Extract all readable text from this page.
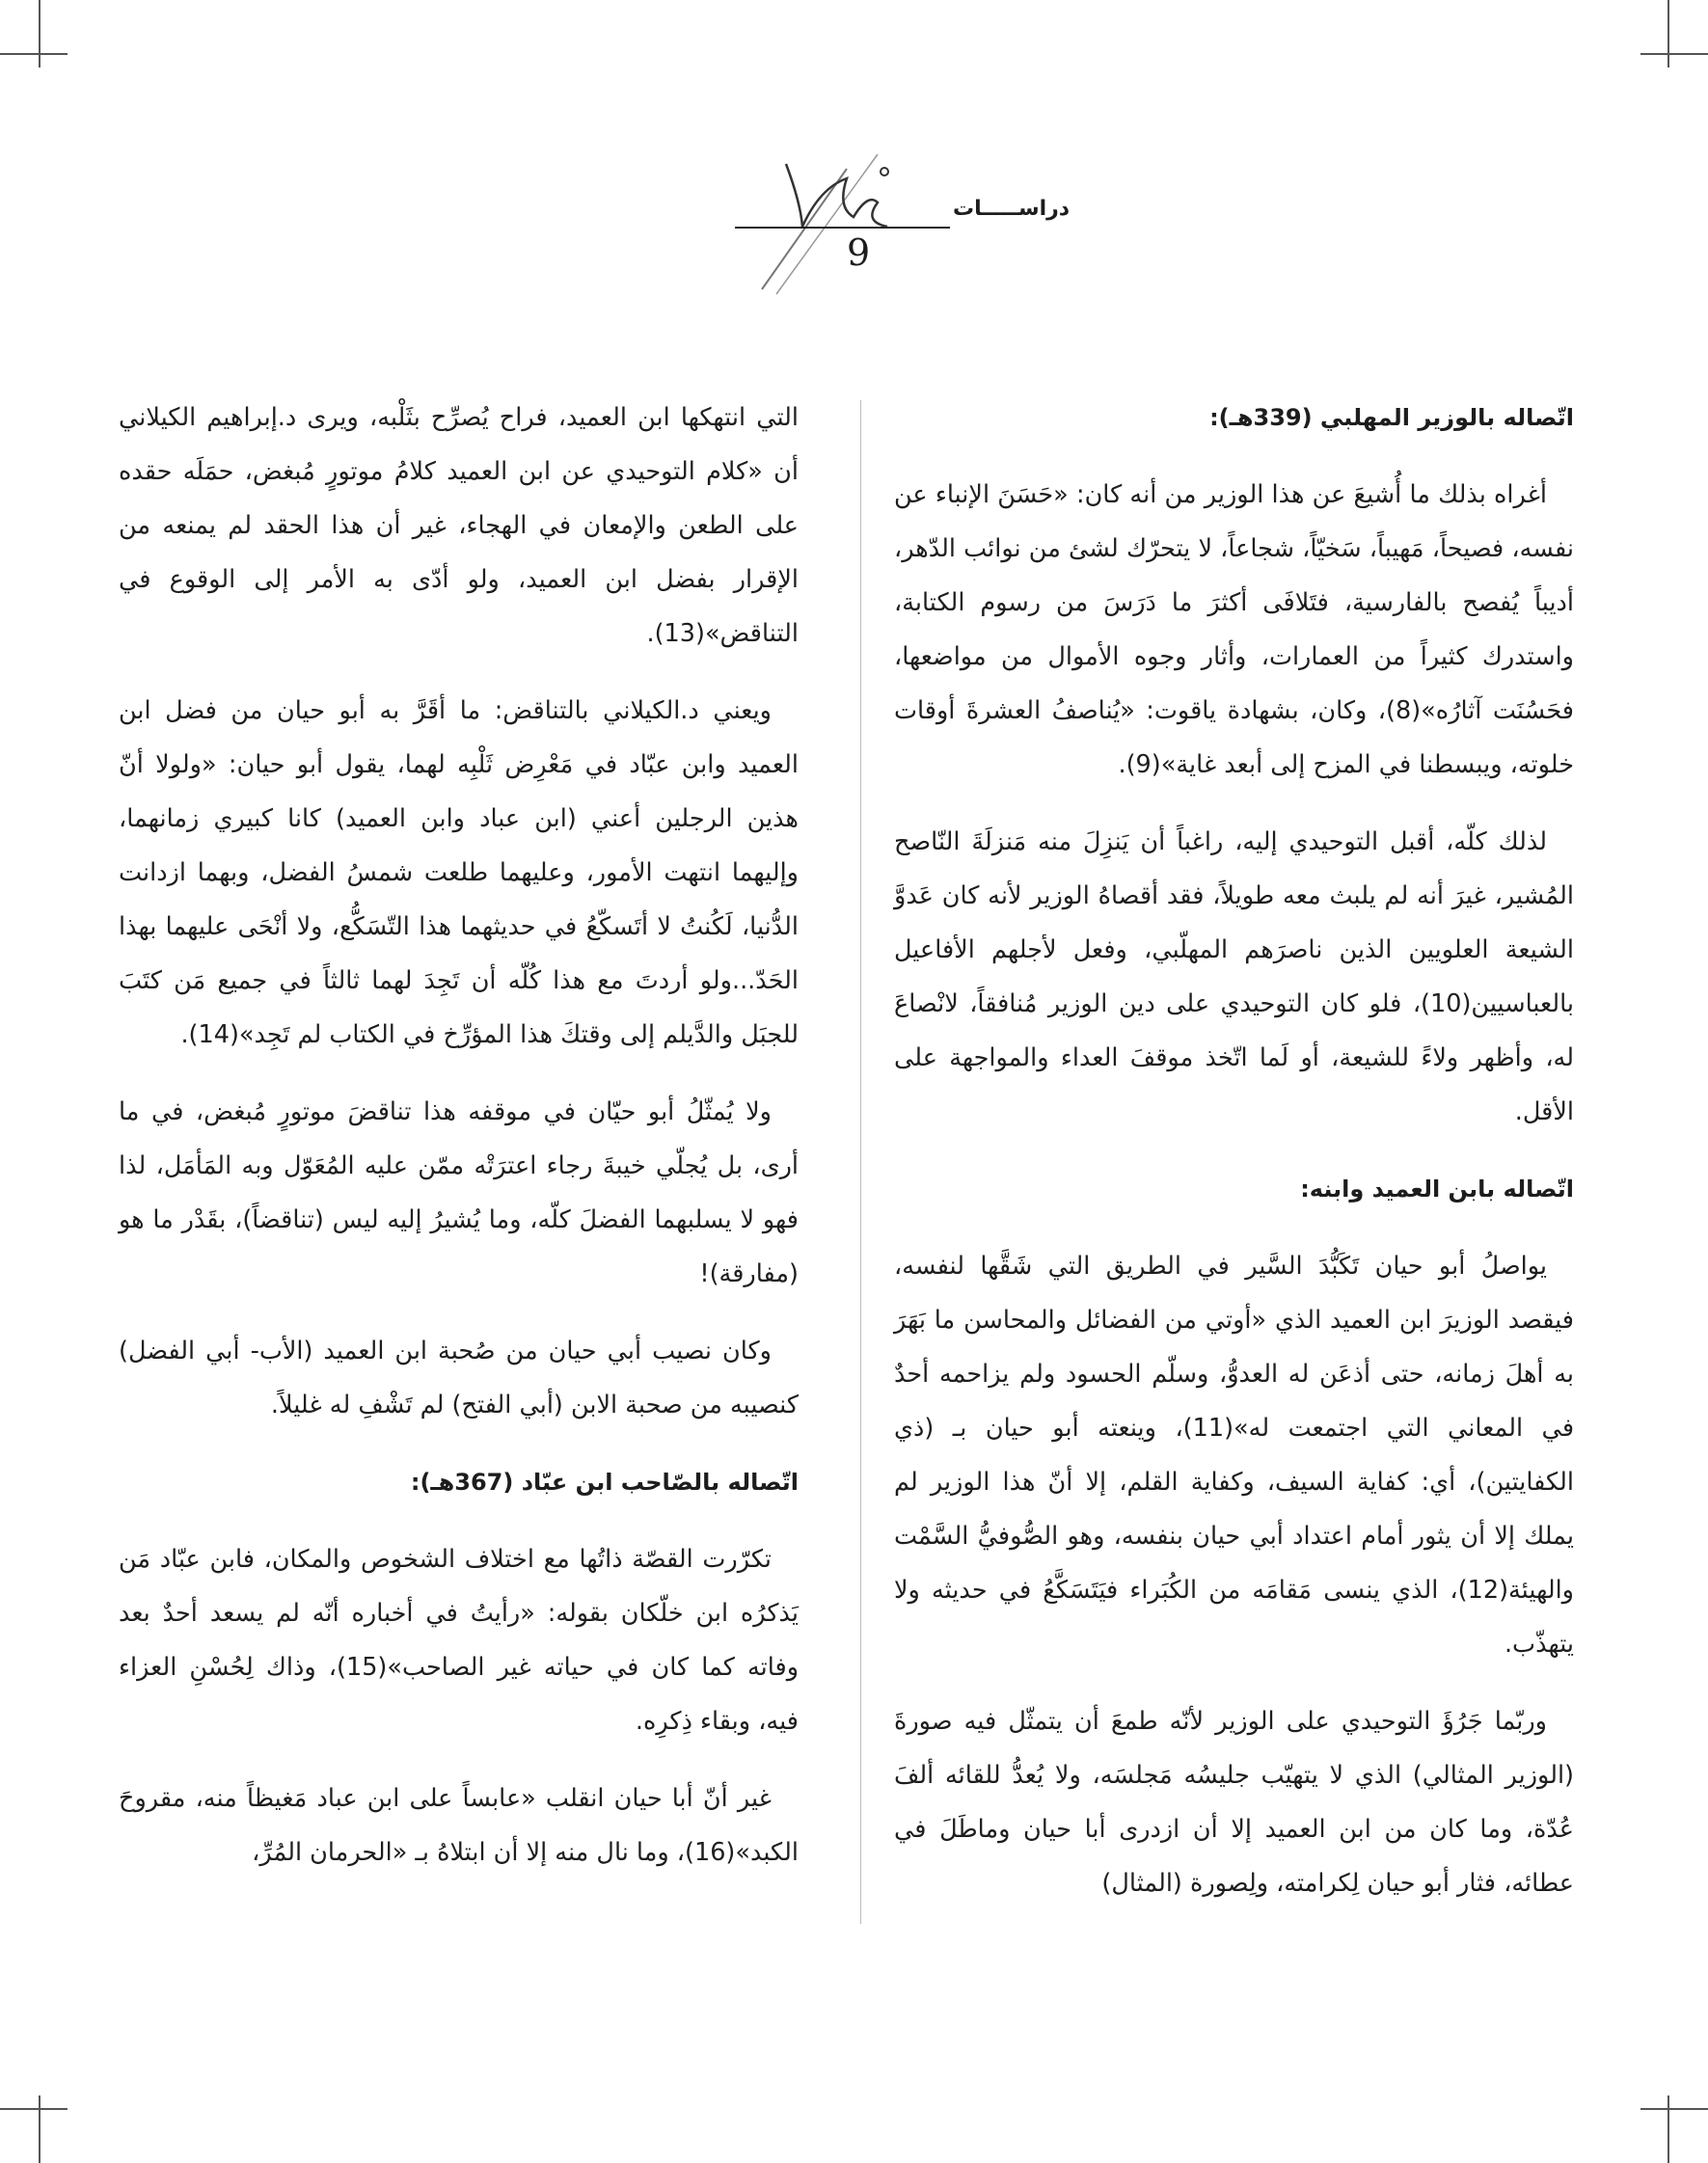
دراســـــات
9
اتّصاله بالوزير المهلبي (339هـ):

أغراه بذلك ما أُشيعَ عن هذا الوزير من أنه كان: «حَسَنَ الإنباء عن نفسه، فصيحاً، مَهيباً، سَخيّاً، شجاعاً، لا يتحرّك لشئ من نوائب الدّهر، أديباً يُفصح بالفارسية، فتَلافَى أكثرَ ما دَرَسَ من رسوم الكتابة، واستدرك كثيراً من العمارات، وأثار وجوه الأموال من مواضعها، فحَسُنَت آثارُه»(8)، وكان، بشهادة ياقوت: «يُناصفُ العشرةَ أوقات خلوته، ويبسطنا في المزح إلى أبعد غاية»(9).

لذلك كلّه، أقبل التوحيدي إليه، راغباً أن يَنزِلَ منه مَنزلَةَ النّاصح المُشير، غيرَ أنه لم يلبث معه طويلاً، فقد أقصاهُ الوزير لأنه كان عَدوَّ الشيعة العلويين الذين ناصرَهم المهلّبي، وفعل لأجلهم الأفاعيل بالعباسيين(10)، فلو كان التوحيدي على دين الوزير مُنافقاً، لانْصاعَ له، وأظهر ولاءً للشيعة، أو لَما اتّخذ موقفَ العداء والمواجهة على الأقل.

اتّصاله بابن العميد وابنه:

يواصلُ أبو حيان تَكَبُّدَ السَّير في الطريق التي شَقَّها لنفسه، فيقصد الوزيرَ ابن العميد الذي «أوتي من الفضائل والمحاسن ما بَهَرَ به أهلَ زمانه، حتى أذعَن له العدوُّ، وسلّم الحسود ولم يزاحمه أحدٌ في المعاني التي اجتمعت له»(11)، وينعته أبو حيان بـ (ذي الكفايتين)، أي: كفاية السيف، وكفاية القلم، إلا أنّ هذا الوزير لم يملك إلا أن يثور أمام اعتداد أبي حيان بنفسه، وهو الصُّوفيُّ السَّمْت والهيئة(12)، الذي ينسى مَقامَه من الكُبَراء فيَتَسَكَّعُ في حديثه ولا يتهذّب.

وربّما جَرُؤَ التوحيدي على الوزير لأنّه طمعَ أن يتمثّل فيه صورةَ (الوزير المثالي) الذي لا يتهيّب جليسُه مَجلسَه، ولا يُعدُّ للقائه ألفَ عُدّة، وما كان من ابن العميد إلا أن ازدرى أبا حيان وماطَلَ في عطائه، فثار أبو حيان لِكرامته، ولِصورة (المثال)

التي انتهكها ابن العميد، فراح يُصرِّح بثَلْبه، ويرى د.إبراهيم الكيلاني أن «كلام التوحيدي عن ابن العميد كلامُ موتورٍ مُبغض، حمَلَه حقده على الطعن والإمعان في الهجاء، غير أن هذا الحقد لم يمنعه من الإقرار بفضل ابن العميد، ولو أدّى به الأمر إلى الوقوع في التناقض»(13).

ويعني د.الكيلاني بالتناقض: ما أقَرَّ به أبو حيان من فضل ابن العميد وابن عبّاد في مَعْرِض ثَلْبِه لهما، يقول أبو حيان: «ولولا أنّ هذين الرجلين أعني (ابن عباد وابن العميد) كانا كبيري زمانهما، وإليهما انتهت الأمور، وعليهما طلعت شمسُ الفضل، وبهما ازدانت الدُّنيا، لَكُنتُ لا أتَسكّعُ في حديثهما هذا التّسَكُّع، ولا أنْحَى عليهما بهذا الحَدّ...ولو أردتَ مع هذا كُلّه أن تَجِدَ لهما ثالثاً في جميع مَن كتَبَ للجبَل والدَّيلم إلى وقتكَ هذا المؤرِّخ في الكتاب لم تَجِد»(14).

ولا يُمثّلُ أبو حيّان في موقفه هذا تناقضَ موتورٍ مُبغض، في ما أرى، بل يُجلّي خيبةَ رجاء اعترَتْه ممّن عليه المُعَوّل وبه المَأمَل، لذا فهو لا يسلبهما الفضلَ كلّه، وما يُشيرُ إليه ليس (تناقضاً)، بقَدْر ما هو (مفارقة)!

وكان نصيب أبي حيان من صُحبة ابن العميد (الأب- أبي الفضل) كنصيبه من صحبة الابن (أبي الفتح) لم تَشْفِ له غليلاً.

اتّصاله بالصّاحب ابن عبّاد (367هـ):

تكرّرت القصّة ذاتُها مع اختلاف الشخوص والمكان، فابن عبّاد مَن يَذكرُه ابن خلّكان بقوله: «رأيتُ في أخباره أنّه لم يسعد أحدٌ بعد وفاته كما كان في حياته غير الصاحب»(15)، وذاك لِحُسْنِ العزاء فيه، وبقاء ذِكرِه.

غير أنّ أبا حيان انقلب «عابساً على ابن عباد مَغيظاً منه، مقروحَ الكبد»(16)، وما نال منه إلا أن ابتلاهُ بـ «الحرمان المُرِّ،
